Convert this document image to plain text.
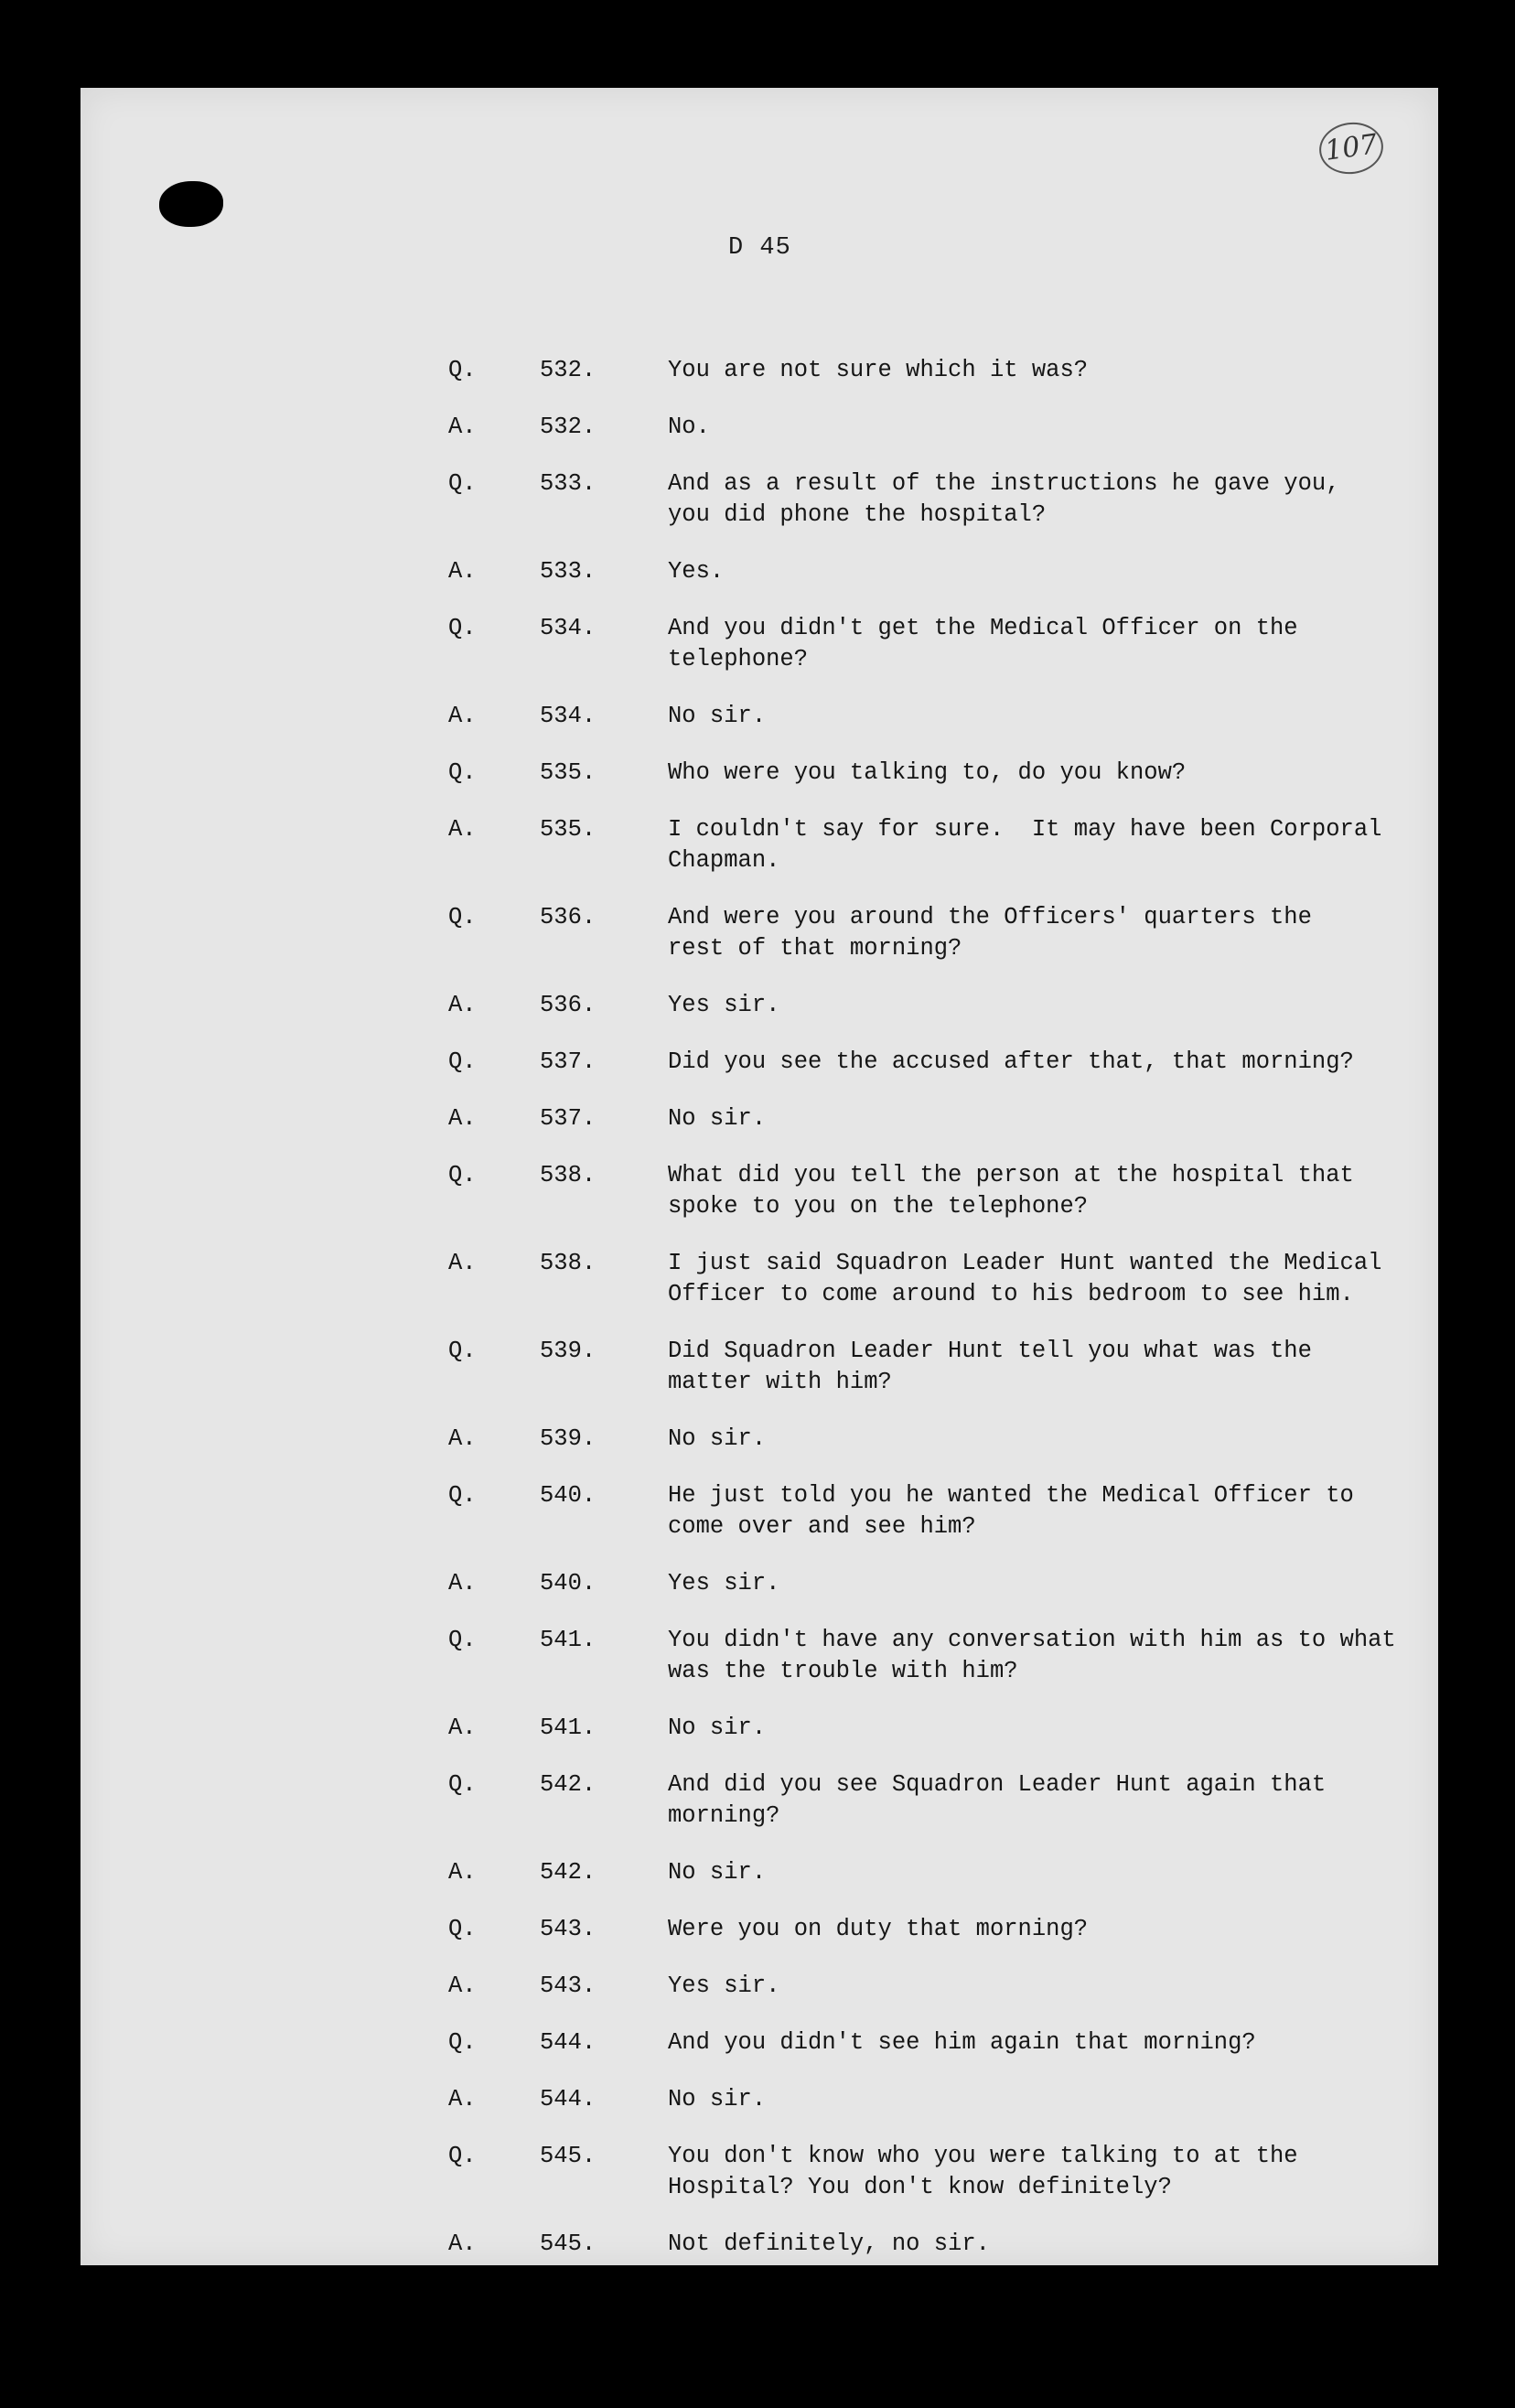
107
D 45
Q.	532.	You are not sure which it was?
A.	532.	No.
Q.	533.	And as a result of the instructions he gave you,
you did phone the hospital?
A.	533.	Yes.
Q.	534.	And you didn't get the Medical Officer on the
telephone?
A.	534.	No sir.
Q.	535.	Who were you talking to, do you know?
A.	535.	I couldn't say for sure.  It may have been Corporal
Chapman.
Q.	536.	And were you around the Officers' quarters the
rest of that morning?
A.	536.	Yes sir.
Q.	537.	Did you see the accused after that, that morning?
A.	537.	No sir.
Q.	538.	What did you tell the person at the hospital that
spoke to you on the telephone?
A.	538.	I just said Squadron Leader Hunt wanted the Medical
Officer to come around to his bedroom to see him.
Q.	539.	Did Squadron Leader Hunt tell you what was the
matter with him?
A.	539.	No sir.
Q.	540.	He just told you he wanted the Medical Officer to
come over and see him?
A.	540.	Yes sir.
Q.	541.	You didn't have any conversation with him as to what
was the trouble with him?
A.	541.	No sir.
Q.	542.	And did you see Squadron Leader Hunt again that
morning?
A.	542.	No sir.
Q.	543.	Were you on duty that morning?
A.	543.	Yes sir.
Q.	544.	And you didn't see him again that morning?
A.	544.	No sir.
Q.	545.	You don't know who you were talking to at the
Hospital? You don't know definitely?
A.	545.	Not definitely, no sir.
